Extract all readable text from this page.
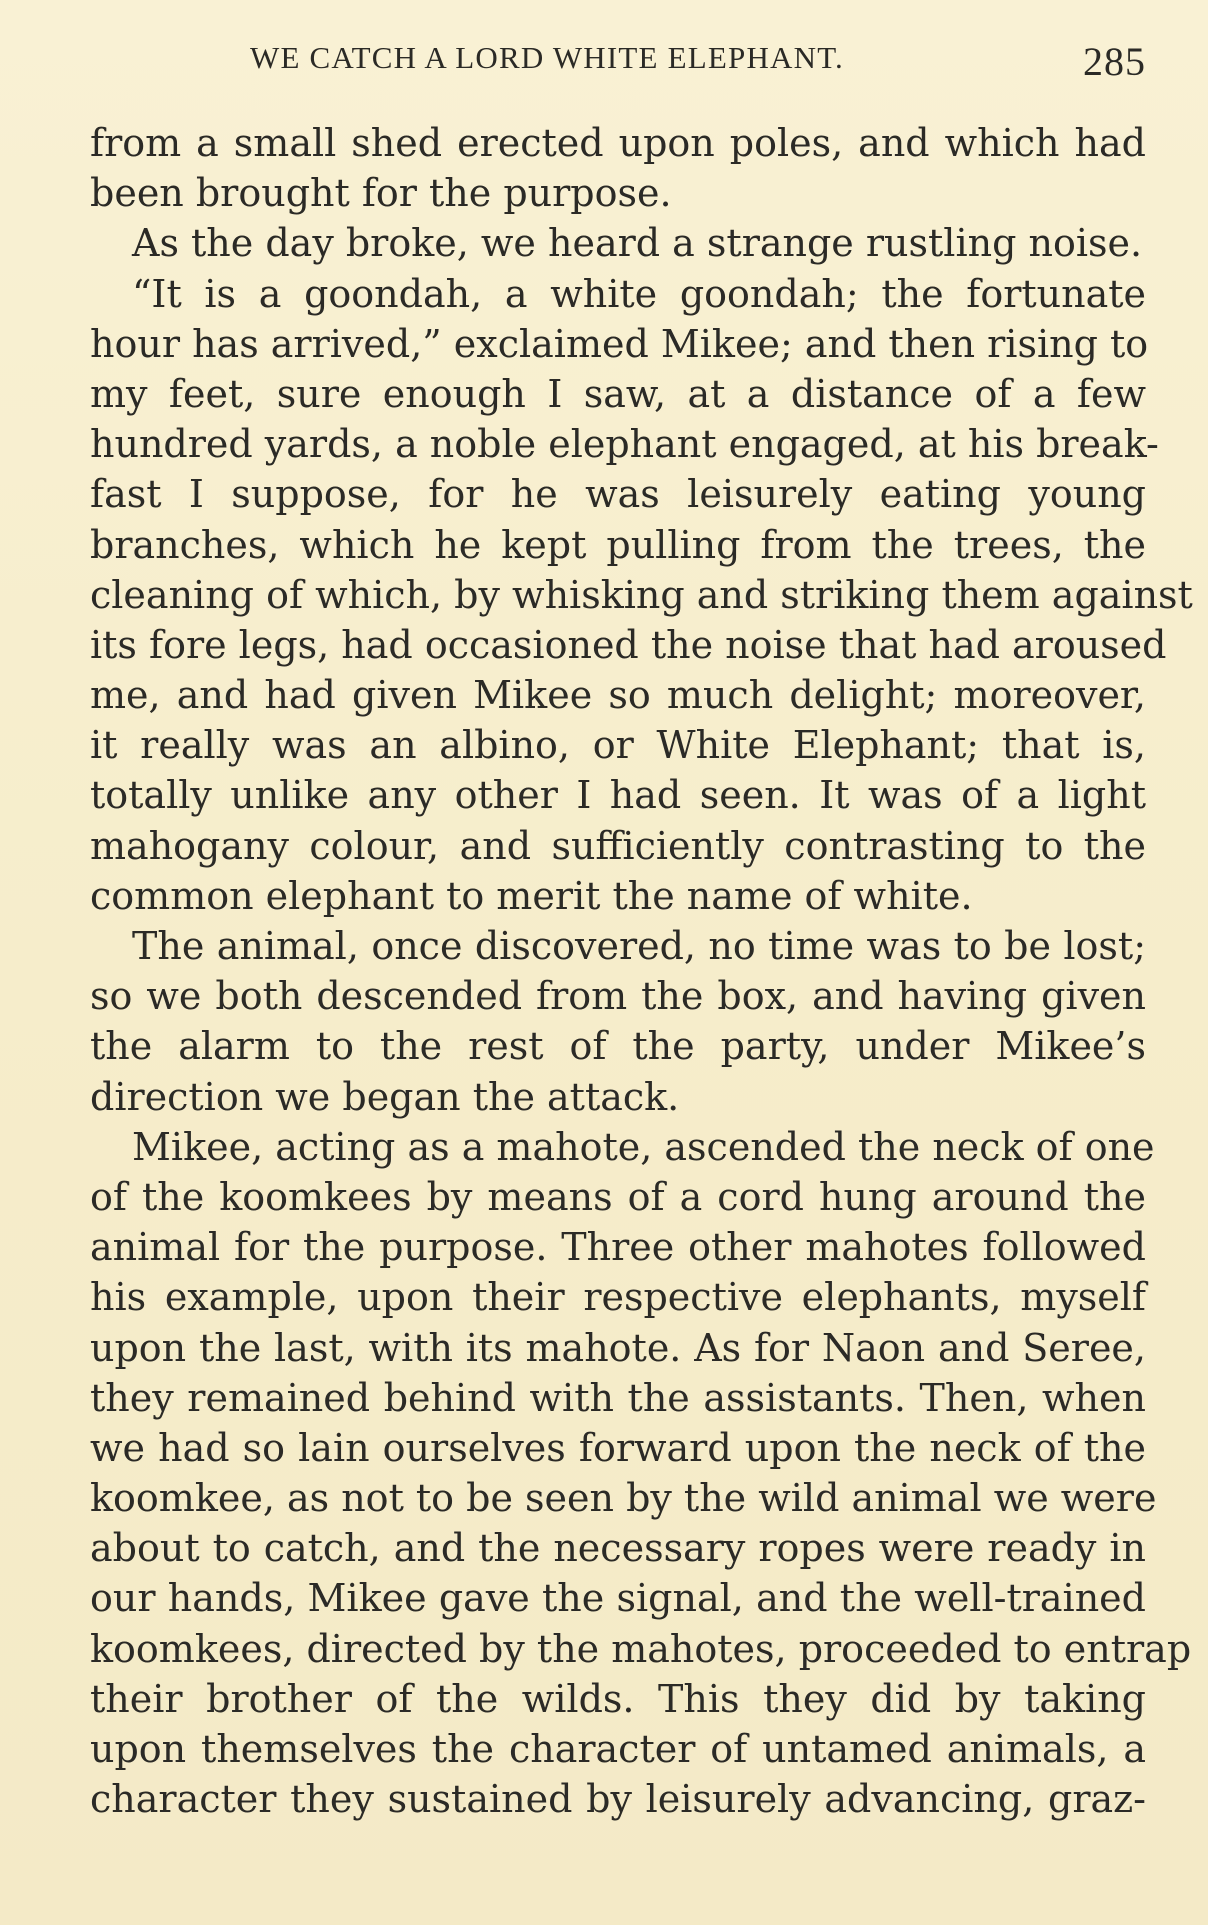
WE CATCH A LORD WHITE ELEPHANT.	285
from a small shed erected upon poles, and which had
been brought for the purpose.
As the day broke, we heard a strange rustling noise.
“It is a goondah, a white goondah; the fortunate
hour has arrived,” exclaimed Mikee; and then rising to
my feet, sure enough I saw, at a distance of a few
hundred yards, a noble elephant engaged, at his break-
fast I suppose, for he was leisurely eating young
branches, which he kept pulling from the trees, the
cleaning of which, by whisking and striking them against
its fore legs, had occasioned the noise that had aroused
me, and had given Mikee so much delight; moreover,
it really was an albino, or White Elephant; that is,
totally unlike any other I had seen. It was of a light
mahogany colour, and sufficiently contrasting to the
common elephant to merit the name of white.
The animal, once discovered, no time was to be lost;
so we both descended from the box, and having given
the alarm to the rest of the party, under Mikee’s
direction we began the attack.
Mikee, acting as a mahote, ascended the neck of one
of the koomkees by means of a cord hung around the
animal for the purpose. Three other mahotes followed
his example, upon their respective elephants, myself
upon the last, with its mahote. As for Naon and Seree,
they remained behind with the assistants. Then, when
we had so lain ourselves forward upon the neck of the
koomkee, as not to be seen by the wild animal we were
about to catch, and the necessary ropes were ready in
our hands, Mikee gave the signal, and the well-trained
koomkees, directed by the mahotes, proceeded to entrap
their brother of the wilds. This they did by taking
upon themselves the character of untamed animals, a
character they sustained by leisurely advancing, graz-
